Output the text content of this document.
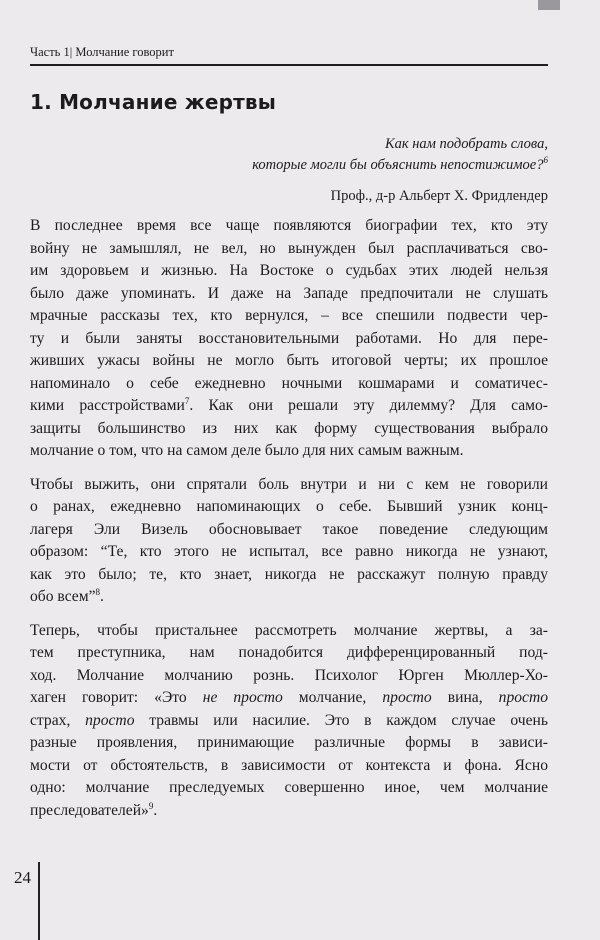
Часть 1| Молчание говорит
1. Молчание жертвы
Как нам подобрать слова,
которые могли бы объяснить непостижимое?$^6$
Проф., д-р Альберт Х. Фридлендер
В последнее время все чаще появляются биографии тех, кто эту
войну не замышлял, не вел, но вынужден был расплачиваться сво-
им здоровьем и жизнью. На Востоке о судьбах этих людей нельзя
было даже упоминать. И даже на Западе предпочитали не слушать
мрачные рассказы тех, кто вернулся, – все спешили подвести чер-
ту и были заняты восстановительными работами. Но для пере-
живших ужасы войны не могло быть итоговой черты; их прошлое
напоминало о себе ежедневно ночными кошмарами и соматичес-
кими расстройствами$^7$. Как они решали эту дилемму? Для само-
защиты большинство из них как форму существования выбрало
молчание о том, что на самом деле было для них самым важным.
Чтобы выжить, они спрятали боль внутри и ни с кем не говорили
о ранах, ежедневно напоминающих о себе. Бывший узник конц-
лагеря Эли Визель обосновывает такое поведение следующим
образом: “Те, кто этого не испытал, все равно никогда не узнают,
как это было; те, кто знает, никогда не расскажут полную правду
обо всем”$^8$.
Теперь, чтобы пристальнее рассмотреть молчание жертвы, а за-
тем преступника, нам понадобится дифференцированный под-
ход. Молчание молчанию рознь. Психолог Юрген Мюллер-Хо-
хаген говорит: «Это не просто молчание, просто вина, просто
страх, просто травмы или насилие. Это в каждом случае очень
разные проявления, принимающие различные формы в зависи-
мости от обстоятельств, в зависимости от контекста и фона. Ясно
одно: молчание преследуемых совершенно иное, чем молчание
преследователей»$^9$.
24
